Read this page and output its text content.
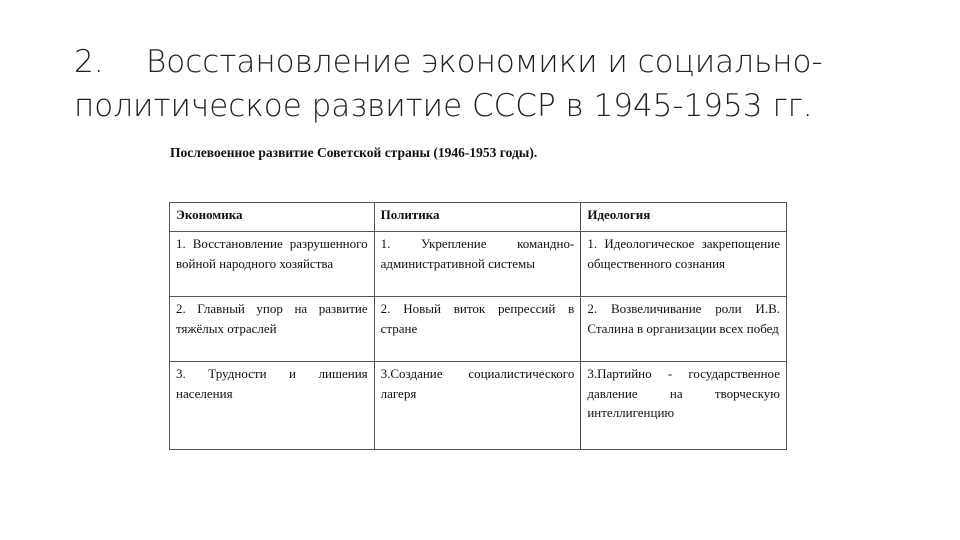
2. Восстановление экономики и социально-политическое развитие СССР в 1945-1953 гг.

Послевоенное развитие Советской страны (1946-1953 годы).

Экономика	Политика	Идеология
1. Восстановление разрушенного войной народного хозяйства	1. Укрепление командно-административной системы	1. Идеологическое закрепощение общественного сознания
2. Главный упор на развитие тяжёлых отраслей	2. Новый виток репрессий в стране	2. Возвеличивание роли И.В. Сталина в организации всех побед
3. Трудности и лишения населения	3.Создание социалистического лагеря	3.Партийно - государственное давление на творческую интеллигенцию
